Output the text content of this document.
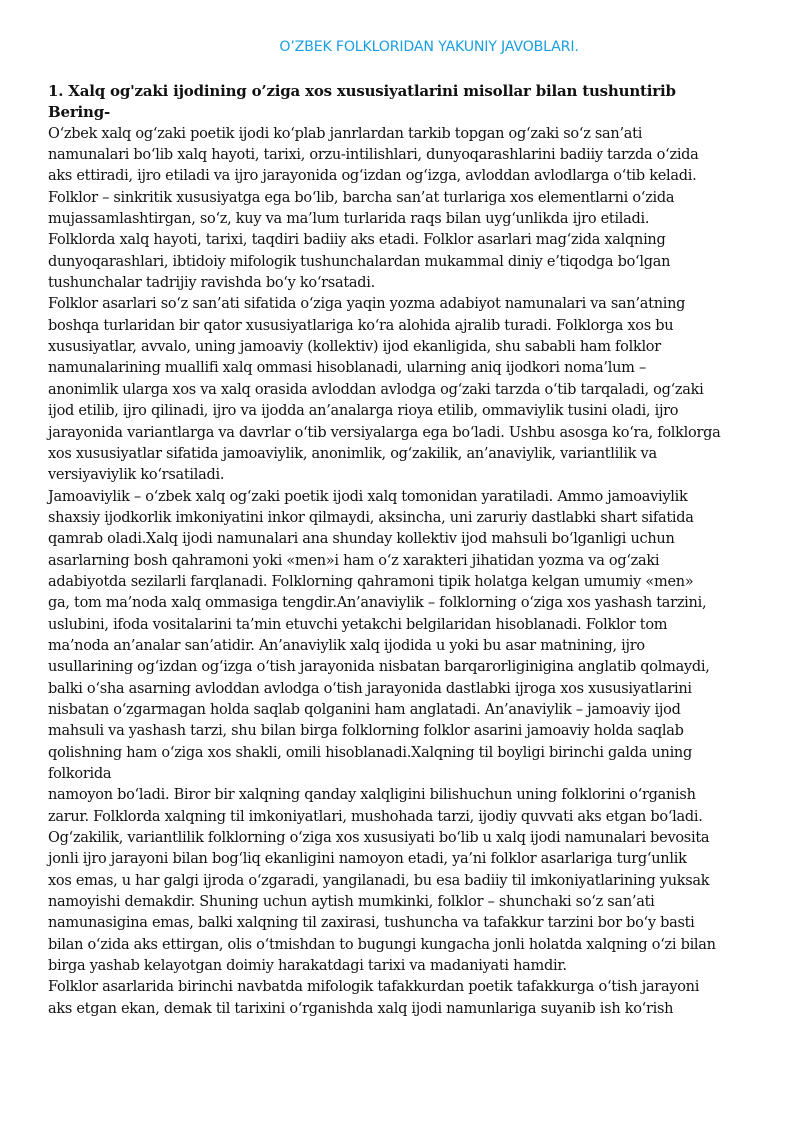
O’ZBEK FOLKLORIDAN YAKUNIY JAVOBLARI.
1. Xalq og'zaki ijodining o’ziga xos xususiyatlarini misollar bilan tushuntirib
Bering-
O‘zbek xalq og‘zaki poetik ijodi ko‘plab janrlardan tarkib topgan og‘zaki so‘z san’ati
namunalari bo‘lib xalq hayoti, tarixi, orzu-intilishlari, dunyoqarashlarini badiiy tarzda o‘zida
aks ettiradi, ijro etiladi va ijro jarayonida og‘izdan og‘izga, avloddan avlodlarga o‘tib keladi.
Folklor – sinkritik xususiyatga ega bo‘lib, barcha san’at turlariga xos elementlarni o‘zida
mujassamlashtirgan, so‘z, kuy va ma’lum turlarida raqs bilan uyg‘unlikda ijro etiladi.
Folklorda xalq hayoti, tarixi, taqdiri badiiy aks etadi. Folklor asarlari mag‘zida xalqning
dunyoqarashlari, ibtidoiy mifologik tushunchalardan mukammal diniy e’tiqodga bo‘lgan
tushunchalar tadrijiy ravishda bo‘y ko‘rsatadi.
Folklor asarlari so‘z san’ati sifatida o‘ziga yaqin yozma adabiyot namunalari va san’atning
boshqa turlaridan bir qator xususiyatlariga ko‘ra alohida ajralib turadi. Folklorga xos bu
xususiyatlar, avvalo, uning jamoaviy (kollektiv) ijod ekanligida, shu sababli ham folklor
namunalarining muallifi xalq ommasi hisoblanadi, ularning aniq ijodkori noma’lum –
anonimlik ularga xos va xalq orasida avloddan avlodga og‘zaki tarzda o‘tib tarqaladi, og‘zaki
ijod etilib, ijro qilinadi, ijro va ijodda an’analarga rioya etilib, ommaviylik tusini oladi, ijro
jarayonida variantlarga va davrlar o‘tib versiyalarga ega bo‘ladi. Ushbu asosga ko‘ra, folklorga
xos xususiyatlar sifatida jamoaviylik, anonimlik, og‘zakilik, an’anaviylik, variantlilik va
versiyaviylik ko‘rsatiladi.
Jamoaviylik – o‘zbek xalq og‘zaki poetik ijodi xalq tomonidan yaratiladi. Ammo jamoaviylik
shaxsiy ijodkorlik imkoniyatini inkor qilmaydi, aksincha, uni zaruriy dastlabki shart sifatida
qamrab oladi.Xalq ijodi namunalari ana shunday kollektiv ijod mahsuli bo‘lganligi uchun
asarlarning bosh qahramoni yoki «men»i ham o‘z xarakteri jihatidan yozma va og‘zaki
adabiyotda sezilarli farqlanadi. Folklorning qahramoni tipik holatga kelgan umumiy «men»
ga, tom ma’noda xalq ommasiga tengdir.An’anaviylik – folklorning o‘ziga xos yashash tarzini,
uslubini, ifoda vositalarini ta’min etuvchi yetakchi belgilaridan hisoblanadi. Folklor tom
ma’noda an’analar san’atidir. An’anaviylik xalq ijodida u yoki bu asar matnining, ijro
usullarining og‘izdan og‘izga o‘tish jarayonida nisbatan barqarorliginigina anglatib qolmaydi,
balki o‘sha asarning avloddan avlodga o‘tish jarayonida dastlabki ijroga xos xususiyatlarini
nisbatan o‘zgarmagan holda saqlab qolganini ham anglatadi. An’anaviylik – jamoaviy ijod
mahsuli va yashash tarzi, shu bilan birga folklorning folklor asarini jamoaviy holda saqlab
qolishning ham o‘ziga xos shakli, omili hisoblanadi.Xalqning til boyligi birinchi galda uning
folkorida
namoyon bo‘ladi. Biror bir xalqning qanday xalqligini bilishuchun uning folklorini o‘rganish
zarur. Folklorda xalqning til imkoniyatlari, mushohada tarzi, ijodiy quvvati aks etgan bo‘ladi.
Og‘zakilik, variantlilik folklorning o‘ziga xos xususiyati bo‘lib u xalq ijodi namunalari bevosita
jonli ijro jarayoni bilan bog‘liq ekanligini namoyon etadi, ya’ni folklor asarlariga turg‘unlik
xos emas, u har galgi ijroda o‘zgaradi, yangilanadi, bu esa badiiy til imkoniyatlarining yuksak
namoyishi demakdir. Shuning uchun aytish mumkinki, folklor – shunchaki so‘z san’ati
namunasigina emas, balki xalqning til zaxirasi, tushuncha va tafakkur tarzini bor bo‘y basti
bilan o‘zida aks ettirgan, olis o‘tmishdan to bugungi kungacha jonli holatda xalqning o‘zi bilan
birga yashab kelayotgan doimiy harakatdagi tarixi va madaniyati hamdir.
Folklor asarlarida birinchi navbatda mifologik tafakkurdan poetik tafakkurga o‘tish jarayoni
aks etgan ekan, demak til tarixini o‘rganishda xalq ijodi namunlariga suyanib ish ko‘rish
